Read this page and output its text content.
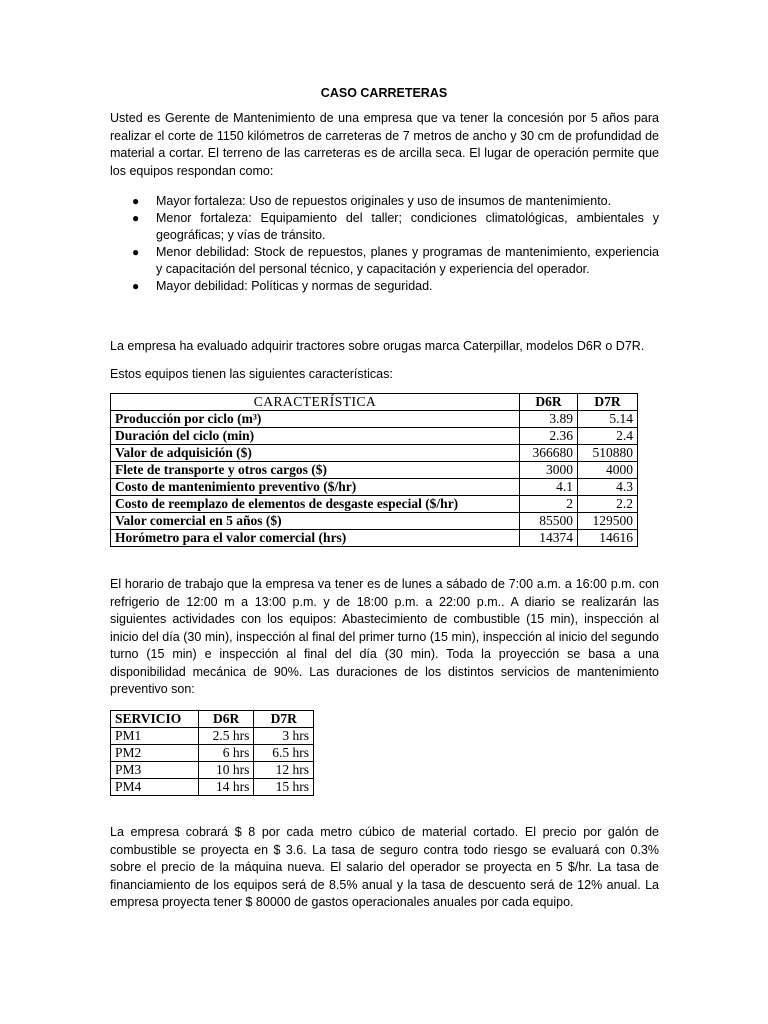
CASO CARRETERAS
Usted es Gerente de Mantenimiento de una empresa que va tener la concesión por 5 años para realizar el corte de 1150 kilómetros de carreteras de 7 metros de ancho y 30 cm de profundidad de material a cortar. El terreno de las carreteras es de arcilla seca. El lugar de operación permite que los equipos respondan como:
● Mayor fortaleza: Uso de repuestos originales y uso de insumos de mantenimiento.
● Menor fortaleza: Equipamiento del taller; condiciones climatológicas, ambientales y geográficas; y vías de tránsito.
● Menor debilidad: Stock de repuestos, planes y programas de mantenimiento, experiencia y capacitación del personal técnico, y capacitación y experiencia del operador.
● Mayor debilidad: Políticas y normas de seguridad.
La empresa ha evaluado adquirir tractores sobre orugas marca Caterpillar, modelos D6R o D7R.
Estos equipos tienen las siguientes características:
CARACTERÍSTICA	D6R	D7R
Producción por ciclo (m³)	3.89	5.14
Duración del ciclo (min)	2.36	2.4
Valor de adquisición ($)	366680	510880
Flete de transporte y otros cargos ($)	3000	4000
Costo de mantenimiento preventivo ($/hr)	4.1	4.3
Costo de reemplazo de elementos de desgaste especial ($/hr)	2	2.2
Valor comercial en 5 años ($)	85500	129500
Horómetro para el valor comercial (hrs)	14374	14616
El horario de trabajo que la empresa va tener es de lunes a sábado de 7:00 a.m. a 16:00 p.m. con refrigerio de 12:00 m a 13:00 p.m. y de 18:00 p.m. a 22:00 p.m.. A diario se realizarán las siguientes actividades con los equipos: Abastecimiento de combustible (15 min), inspección al inicio del día (30 min), inspección al final del primer turno (15 min), inspección al inicio del segundo turno (15 min) e inspección al final del día (30 min). Toda la proyección se basa a una disponibilidad mecánica de 90%. Las duraciones de los distintos servicios de mantenimiento preventivo son:
SERVICIO	D6R	D7R
PM1	2.5 hrs	3 hrs
PM2	6 hrs	6.5 hrs
PM3	10 hrs	12 hrs
PM4	14 hrs	15 hrs
La empresa cobrará $ 8 por cada metro cúbico de material cortado. El precio por galón de combustible se proyecta en $ 3.6. La tasa de seguro contra todo riesgo se evaluará con 0.3% sobre el precio de la máquina nueva. El salario del operador se proyecta en 5 $/hr. La tasa de financiamiento de los equipos será de 8.5% anual y la tasa de descuento será de 12% anual. La empresa proyecta tener $ 80000 de gastos operacionales anuales por cada equipo.
